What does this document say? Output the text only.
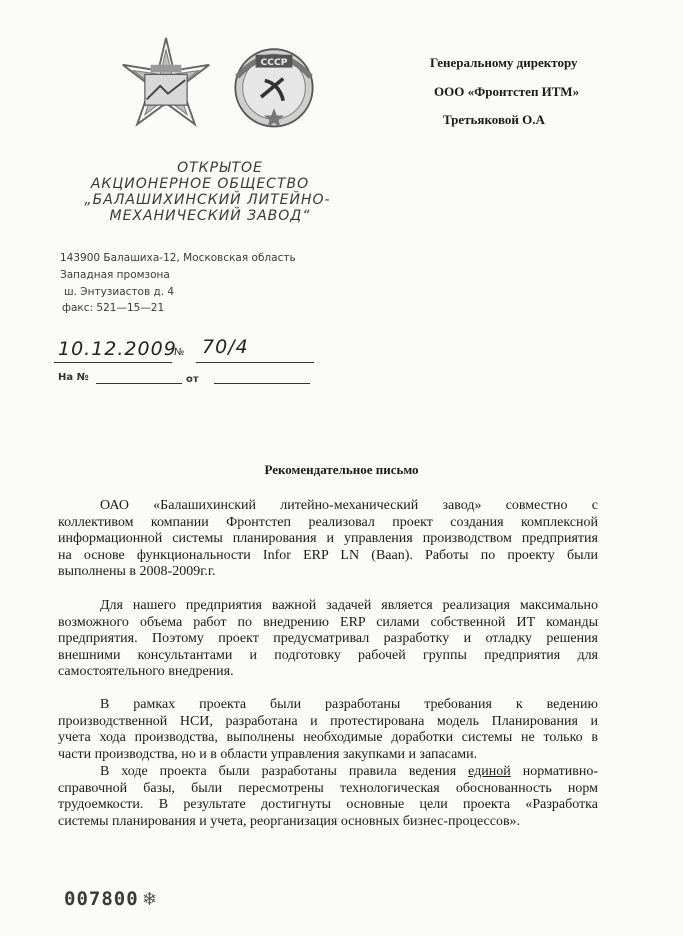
CCCP	Генеральному директору
ООО «Фронтстеп ИТМ»
Третьяковой О.А
ОТКРЫТОЕ
АКЦИОНЕРНОЕ ОБЩЕСТВО
„БАЛАШИХИНСКИЙ ЛИТЕЙНО-
МЕХАНИЧЕСКИЙ ЗАВОД“
143900 Балашиха-12, Московская область
Западная промзона
ш. Энтузиастов д. 4
факс: 521—15—21
10.12.2009
№ 70/4
На №	от
Рекомендательное письмо
ОАО «Балашихинский литейно-механический завод» совместно с
коллективом компании Фронтстеп реализовал проект создания комплексной
информационной системы планирования и управления производством предприятия
на основе функциональности Infor ERP LN (Baan). Работы по проекту были
выполнены в 2008-2009г.г.
Для нашего предприятия важной задачей является реализация максимально
возможного объема работ по внедрению ERP силами собственной ИТ команды
предприятия. Поэтому проект предусматривал разработку и отладку решения
внешними консультантами и подготовку рабочей группы предприятия для
самостоятельного внедрения.
В рамках проекта были разработаны требования к ведению
производственной НСИ, разработана и протестирована модель Планирования и
учета хода производства, выполнены необходимые доработки системы не только в
части производства, но и в области управления закупками и запасами.
В ходе проекта были разработаны правила ведения единой нормативно-
справочной базы, были пересмотрены технологическая обоснованность норм
трудоемкости. В результате достигнуты основные цели проекта «Разработка
системы планирования и учета, реорганизация основных бизнес-процессов».
007800 ❄
